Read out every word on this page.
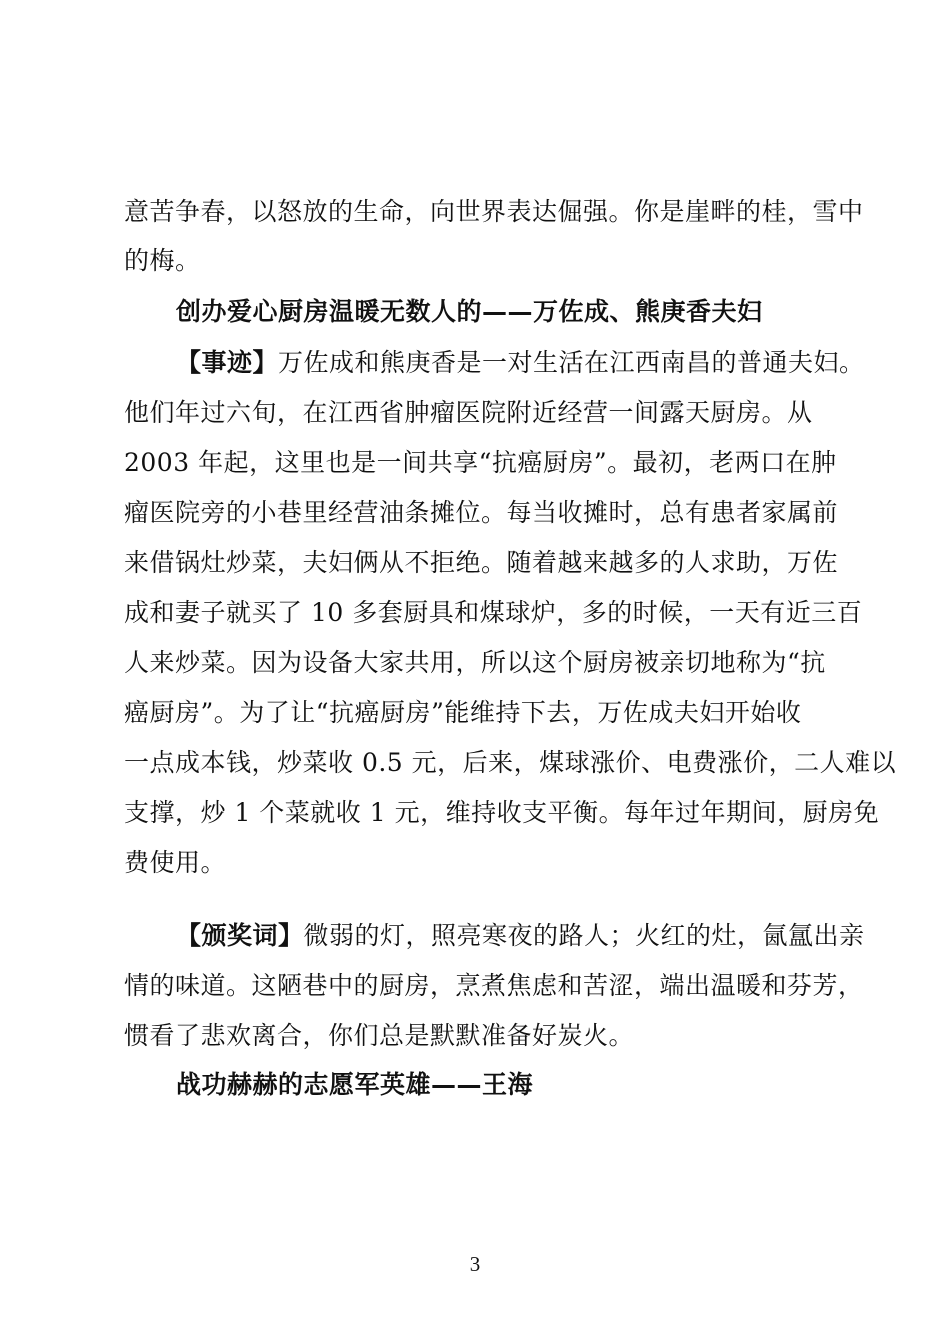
意苦争春，以怒放的生命，向世界表达倔强。你是崖畔的桂，雪中
的梅。
创办爱心厨房温暖无数人的——万佐成、熊庚香夫妇
【事迹】万佐成和熊庚香是一对生活在江西南昌的普通夫妇。
他们年过六旬，在江西省肿瘤医院附近经营一间露天厨房。从
2003 年起，这里也是一间共享“抗癌厨房”。最初，老两口在肿
瘤医院旁的小巷里经营油条摊位。每当收摊时，总有患者家属前
来借锅灶炒菜，夫妇俩从不拒绝。随着越来越多的人求助，万佐
成和妻子就买了 10 多套厨具和煤球炉，多的时候，一天有近三百
人来炒菜。因为设备大家共用，所以这个厨房被亲切地称为“抗
癌厨房”。为了让“抗癌厨房”能维持下去，万佐成夫妇开始收
一点成本钱，炒菜收 0.5 元，后来，煤球涨价、电费涨价，二人难以
支撑，炒 1 个菜就收 1 元，维持收支平衡。每年过年期间，厨房免
费使用。
【颁奖词】微弱的灯，照亮寒夜的路人；火红的灶，氤氲出亲
情的味道。这陋巷中的厨房，烹煮焦虑和苦涩，端出温暖和芬芳，
惯看了悲欢离合，你们总是默默准备好炭火。
战功赫赫的志愿军英雄——王海
3
